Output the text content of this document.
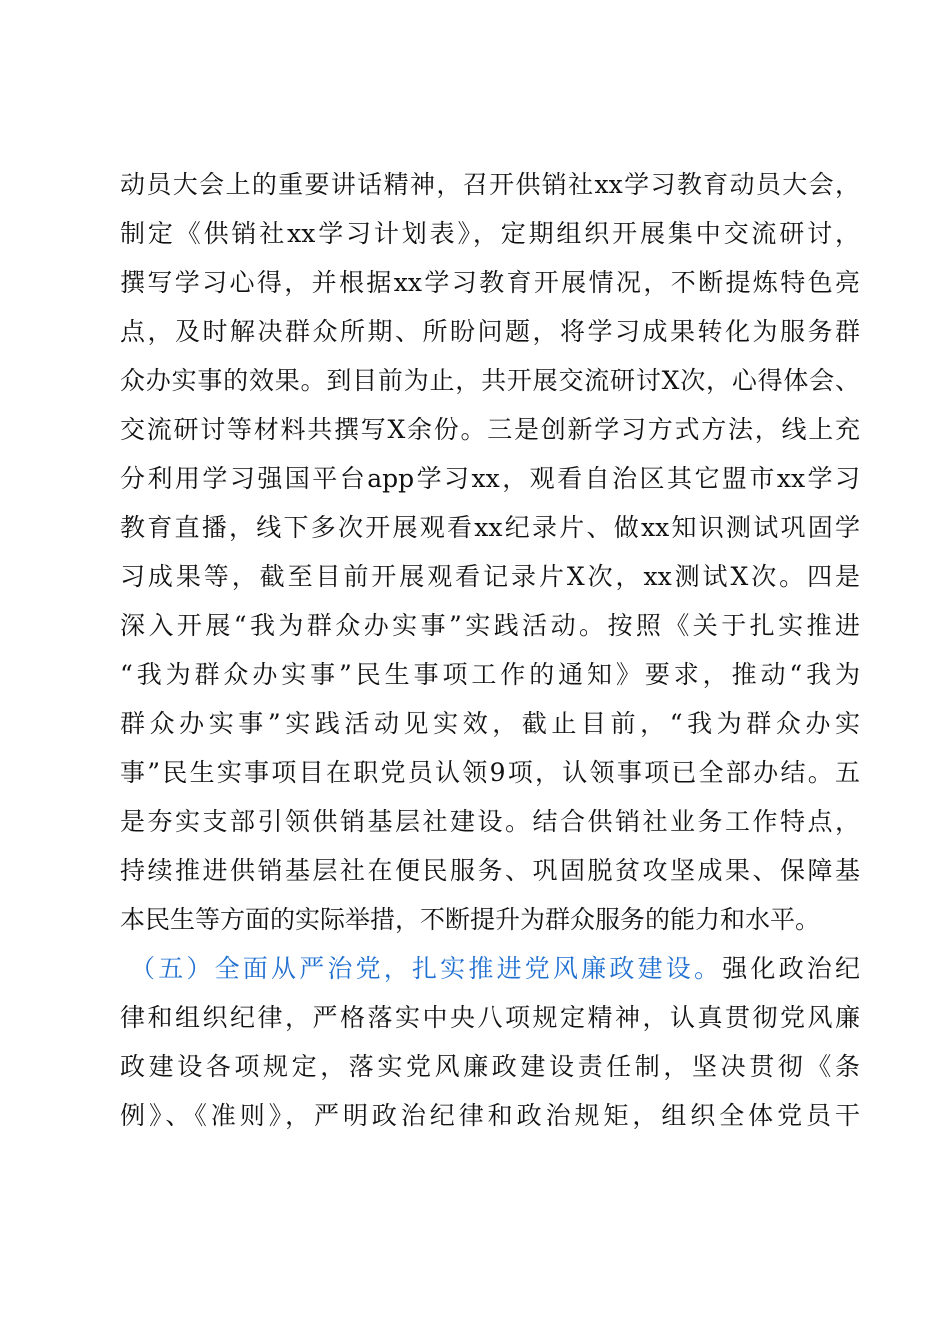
动员大会上的重要讲话精神，召开供销社xx学习教育动员大会，
制定《供销社xx学习计划表》，定期组织开展集中交流研讨，
撰写学习心得，并根据xx学习教育开展情况，不断提炼特色亮
点，及时解决群众所期、所盼问题，将学习成果转化为服务群
众办实事的效果。到目前为止，共开展交流研讨X次，心得体会、
交流研讨等材料共撰写X余份。三是创新学习方式方法，线上充
分利用学习强国平台app学习xx，观看自治区其它盟市xx学习
教育直播，线下多次开展观看xx纪录片、做xx知识测试巩固学
习成果等，截至目前开展观看记录片X次，xx测试X次。四是
深入开展“我为群众办实事”实践活动。按照《关于扎实推进
“我为群众办实事”民生事项工作的通知》要求，推动“我为
群众办实事”实践活动见实效，截止目前，“我为群众办实
事”民生实事项目在职党员认领9项，认领事项已全部办结。五
是夯实支部引领供销基层社建设。结合供销社业务工作特点，
持续推进供销基层社在便民服务、巩固脱贫攻坚成果、保障基
本民生等方面的实际举措，不断提升为群众服务的能力和水平。
（五）全面从严治党，扎实推进党风廉政建设。强化政治纪
律和组织纪律，严格落实中央八项规定精神，认真贯彻党风廉
政建设各项规定，落实党风廉政建设责任制，坚决贯彻《条
例》、《准则》，严明政治纪律和政治规矩，组织全体党员干
